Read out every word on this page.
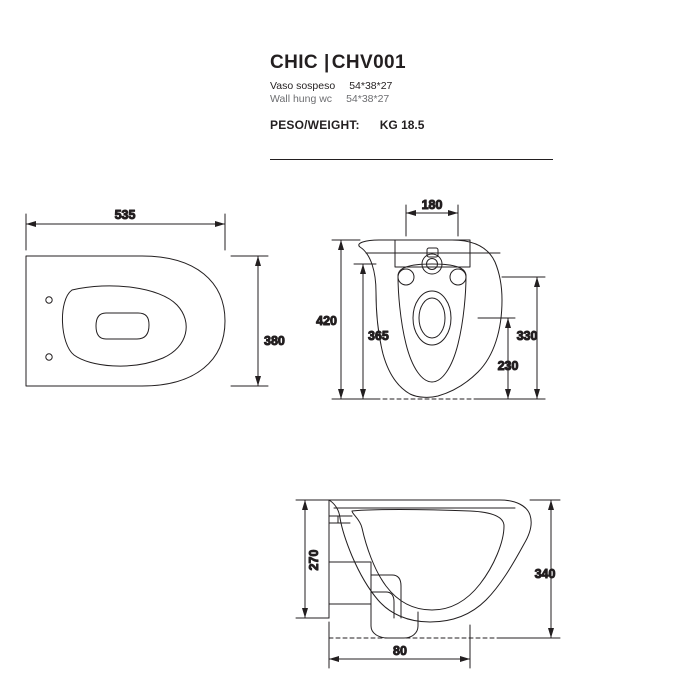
CHIC | CHV001
Vaso sospeso 54*38*27
Wall hung wc 54*38*27
PESO/WEIGHT: KG 18.5
535
380
180
420
365	330
230
270
340
80
